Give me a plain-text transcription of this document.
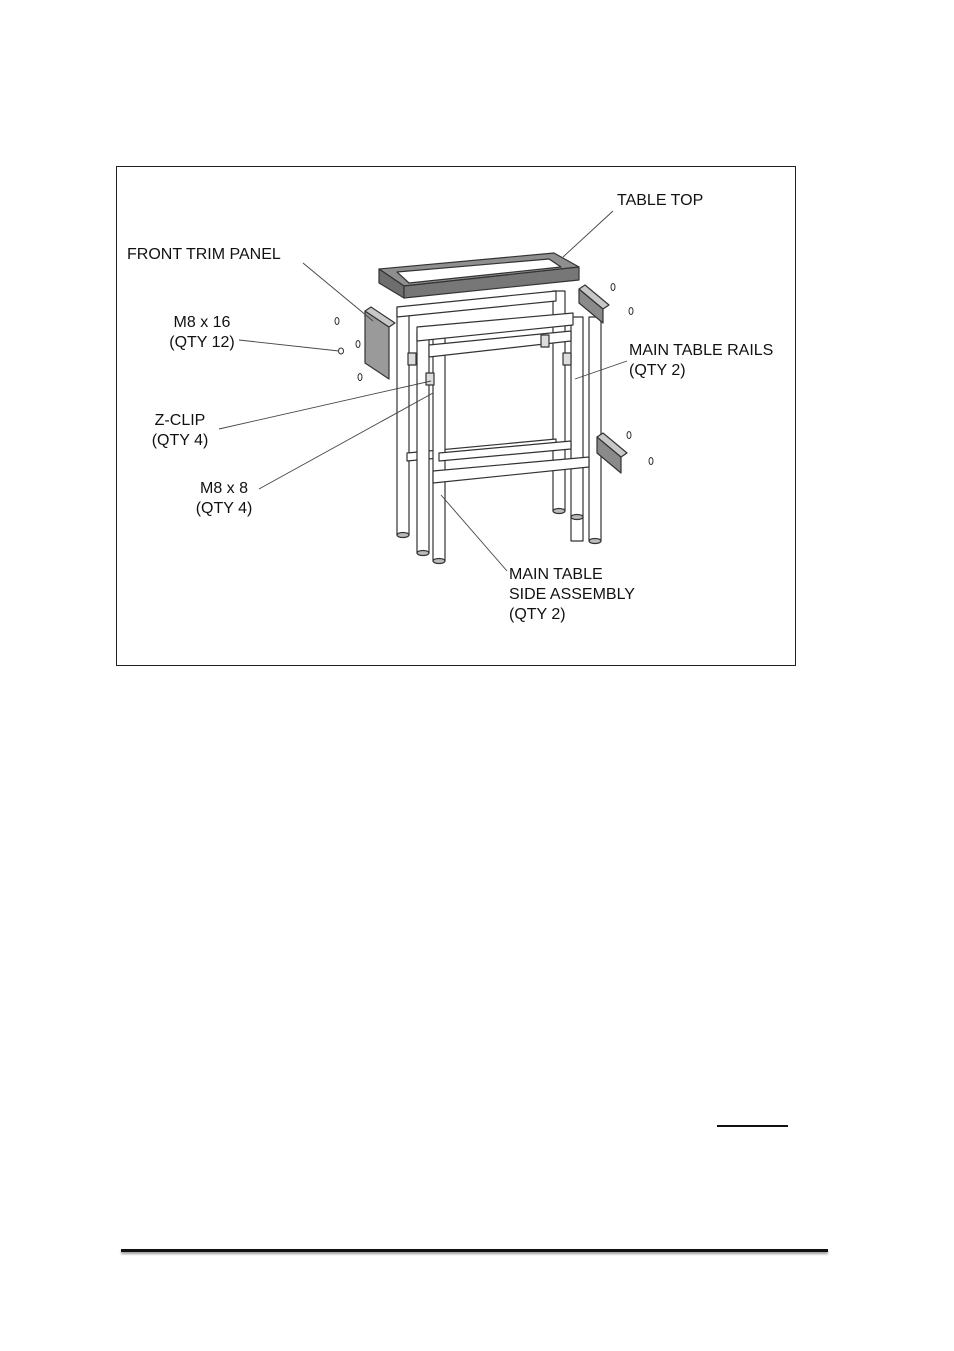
TABLE TOP
FRONT TRIM PANEL
M8 x 16
(QTY 12)	MAIN TABLE RAILS
(QTY 2)
Z-CLIP
(QTY 4)
M8 x 8
(QTY 4)
MAIN TABLE
SIDE ASSEMBLY
(QTY 2)
